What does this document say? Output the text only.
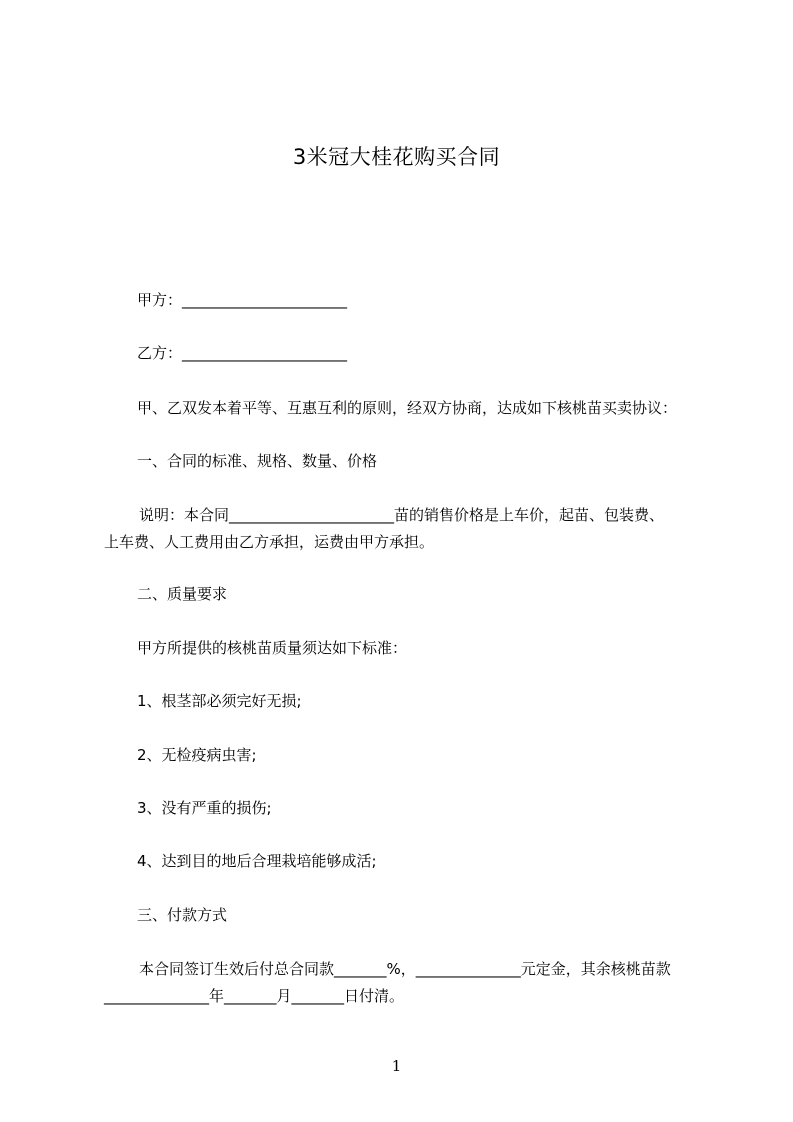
3米冠大桂花购买合同
甲方：______________________
乙方：______________________
甲、乙双发本着平等、互惠互利的原则，经双方协商，达成如下核桃苗买卖协议：
一、合同的标准、规格、数量、价格
说明：本合同______________________苗的销售价格是上车价，起苗、包装费、
上车费、人工费用由乙方承担，运费由甲方承担。
二、质量要求
甲方所提供的核桃苗质量须达如下标准：
1、根茎部必须完好无损;
2、无检疫病虫害;
3、没有严重的损伤;
4、达到目的地后合理栽培能够成活;
三、付款方式
本合同签订生效后付总合同款_______%，______________元定金，其余核桃苗款
______________年_______月_______日付清。
1
